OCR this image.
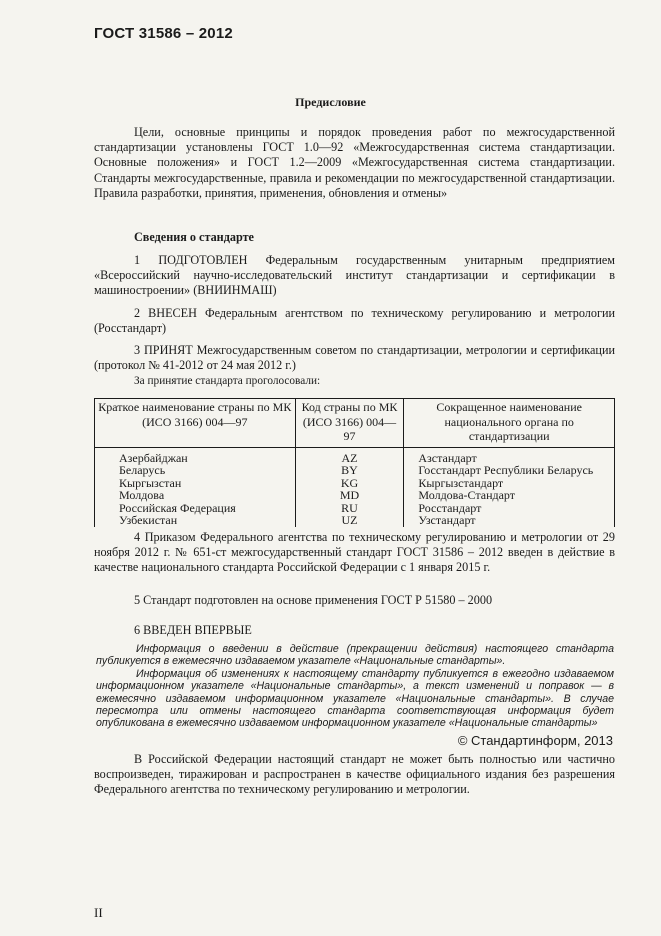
ГОСТ 31586 – 2012
Предисловие
Цели, основные принципы и порядок проведения работ по межгосударственной стандартизации установлены ГОСТ 1.0—92 «Межгосударственная система стандартизации. Основные положения» и ГОСТ 1.2—2009 «Межгосударственная система стандартизации. Стандарты межгосударственные, правила и рекомендации по межгосударственной стандартизации. Правила разработки, принятия, применения, обновления и отмены»
Сведения о стандарте
1 ПОДГОТОВЛЕН Федеральным государственным унитарным предприятием «Всероссийский научно-исследовательский институт стандартизации и сертификации в машиностроении» (ВНИИНМАШ)
2 ВНЕСЕН Федеральным агентством по техническому регулированию и метрологии (Росстандарт)
3 ПРИНЯТ Межгосударственным советом по стандартизации, метрологии и сертификации (протокол № 41-2012 от 24 мая 2012 г.)
За принятие стандарта проголосовали:
Краткое наименование страны по МК (ИСО 3166) 004—97	Код страны по МК (ИСО 3166) 004—97	Сокращенное наименование национального органа по стандартизации
Азербайджан	AZ	Азстандарт
Беларусь	BY	Госстандарт Республики Беларусь
Кыргызстан	KG	Кыргызстандарт
Молдова	MD	Молдова-Стандарт
Российская Федерация	RU	Росстандарт
Узбекистан	UZ	Узстандарт
4 Приказом Федерального агентства по техническому регулированию и метрологии от 29 ноября 2012 г. № 651-ст межгосударственный стандарт ГОСТ 31586 – 2012 введен в действие в качестве национального стандарта Российской Федерации с 1 января 2015 г.
5 Стандарт подготовлен на основе применения ГОСТ Р 51580 – 2000
6 ВВЕДЕН ВПЕРВЫЕ
Информация о введении в действие (прекращении действия) настоящего стандарта публикуется в ежемесячно издаваемом указателе «Национальные стандарты».
Информация об изменениях к настоящему стандарту публикуется в ежегодно издаваемом информационном указателе «Национальные стандарты», а текст изменений и поправок — в ежемесячно издаваемом информационном указателе «Национальные стандарты». В случае пересмотра или отмены настоящего стандарта соответствующая информация будет опубликована в ежемесячно издаваемом информационном указателе «Национальные стандарты»
© Стандартинформ, 2013
В Российской Федерации настоящий стандарт не может быть полностью или частично воспроизведен, тиражирован и распространен в качестве официального издания без разрешения Федерального агентства по техническому регулированию и метрологии.
II
